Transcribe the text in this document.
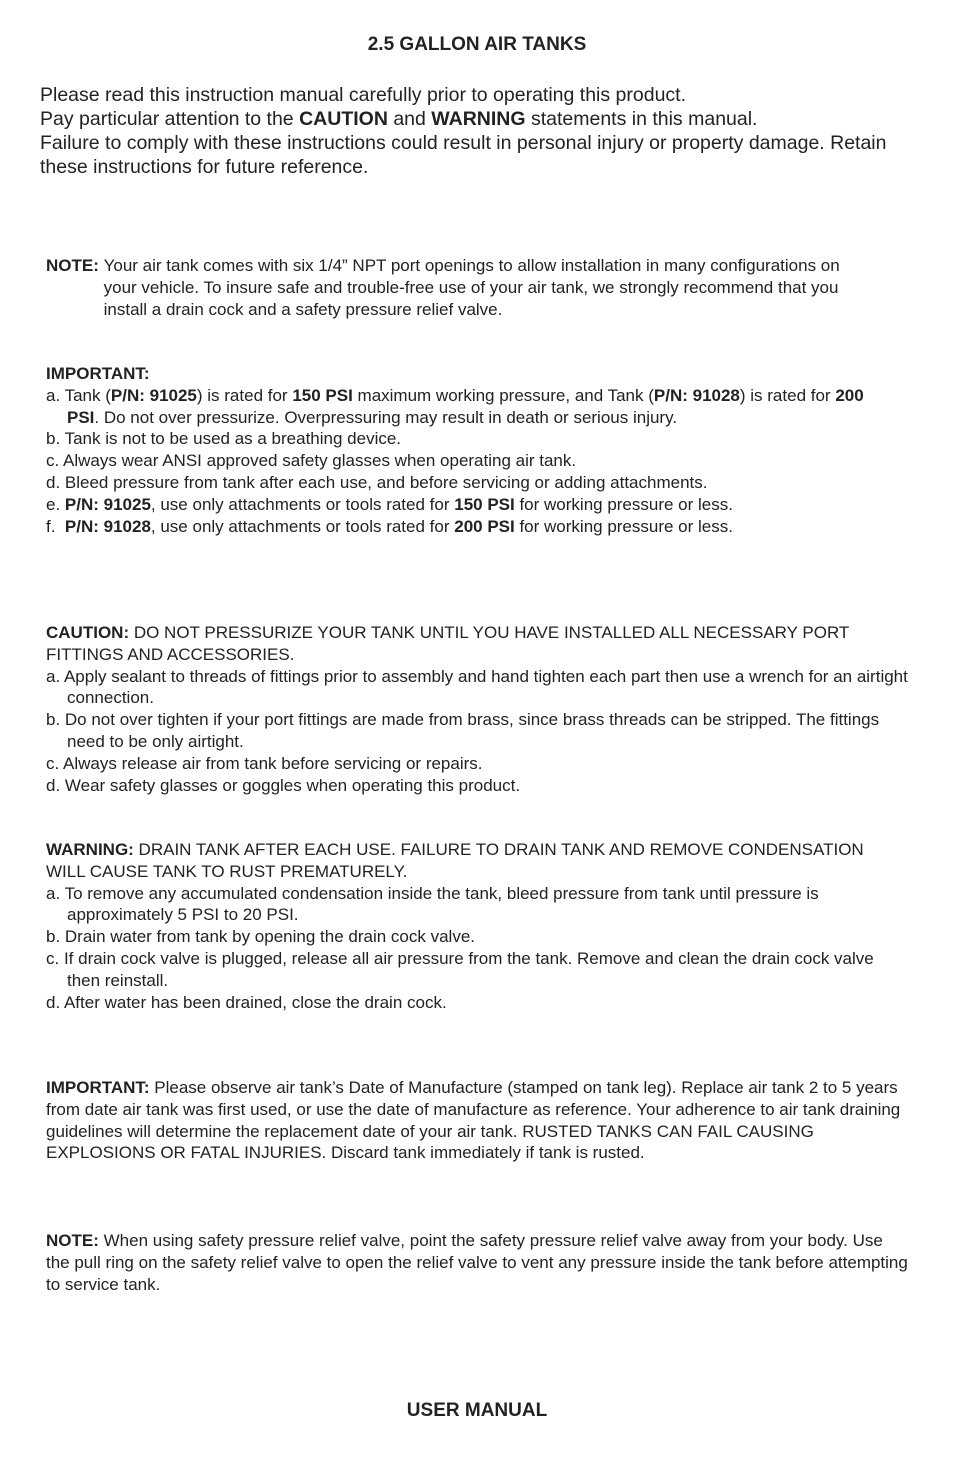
2.5 GALLON AIR TANKS
Please read this instruction manual carefully prior to operating this product.
Pay particular attention to the CAUTION and WARNING statements in this manual.
Failure to comply with these instructions could result in personal injury or property damage. Retain these instructions for future reference.
NOTE: Your air tank comes with six 1/4” NPT port openings to allow installation in many configurations on your vehicle. To insure safe and trouble-free use of your air tank, we strongly recommend that you install a drain cock and a safety pressure relief valve.
IMPORTANT:
a. Tank (P/N: 91025) is rated for 150 PSI maximum working pressure, and Tank (P/N: 91028) is rated for 200 PSI. Do not over pressurize. Overpressuring may result in death or serious injury.
b. Tank is not to be used as a breathing device.
c. Always wear ANSI approved safety glasses when operating air tank.
d. Bleed pressure from tank after each use, and before servicing or adding attachments.
e. P/N: 91025, use only attachments or tools rated for 150 PSI for working pressure or less.
f.  P/N: 91028, use only attachments or tools rated for 200 PSI for working pressure or less.
CAUTION: DO NOT PRESSURIZE YOUR TANK UNTIL YOU HAVE INSTALLED ALL NECESSARY PORT FITTINGS AND ACCESSORIES.
a. Apply sealant to threads of fittings prior to assembly and hand tighten each part then use a wrench for an airtight connection.
b. Do not over tighten if your port fittings are made from brass, since brass threads can be stripped. The fittings need to be only airtight.
c. Always release air from tank before servicing or repairs.
d. Wear safety glasses or goggles when operating this product.
WARNING: DRAIN TANK AFTER EACH USE. FAILURE TO DRAIN TANK AND REMOVE CONDENSATION WILL CAUSE TANK TO RUST PREMATURELY.
a. To remove any accumulated condensation inside the tank, bleed pressure from tank until pressure is approximately 5 PSI to 20 PSI.
b. Drain water from tank by opening the drain cock valve.
c. If drain cock valve is plugged, release all air pressure from the tank. Remove and clean the drain cock valve then reinstall.
d. After water has been drained, close the drain cock.
IMPORTANT: Please observe air tank’s Date of Manufacture (stamped on tank leg). Replace air tank 2 to 5 years from date air tank was first used, or use the date of manufacture as reference. Your adherence to air tank draining guidelines will determine the replacement date of your air tank. RUSTED TANKS CAN FAIL CAUSING EXPLOSIONS OR FATAL INJURIES. Discard tank immediately if tank is rusted.
NOTE: When using safety pressure relief valve, point the safety pressure relief valve away from your body. Use the pull ring on the safety relief valve to open the relief valve to vent any pressure inside the tank before attempting to service tank.
USER MANUAL
